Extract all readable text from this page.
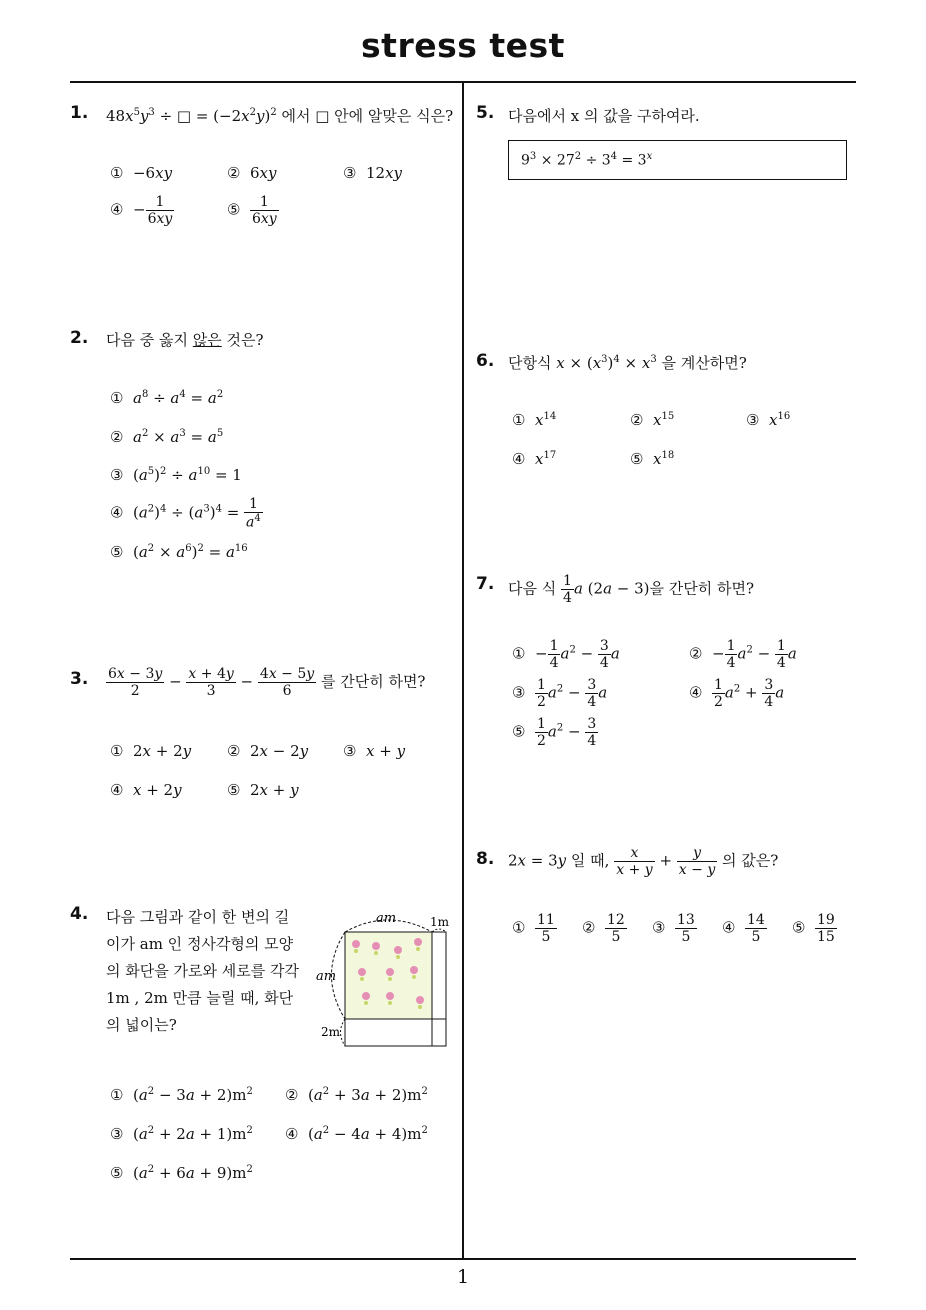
stress test
1
1. $48x^5y^3$ ÷ □ = $(-2x^2y)^2$ 에서 □ 안에 알맞은 식은?
①  −6xy	②  6xy	③  12xy
④  − $\frac{1}{6xy}$	⑤ $\frac{1}{6xy}$
2. 다음 중 옳지 않은 것은?
①  $a^8 \div a^4 = a^2$
②  $a^2 \times a^3 = a^5$
③  $(a^5)^2 \div a^{10} = 1$
④  $(a^2)^4 \div (a^3)^4 = \frac{1}{a^4}$
⑤  $(a^2 \times a^6)^2 = a^{16}$
3. $\frac{6x - 3y}{2} - \frac{x + 4y}{3} - \frac{4x - 5y}{6}$ 를 간단히 하면?
①  2x + 2y ②  2x − 2y ③  x + y
④  x + 2y	⑤  2x + y
4. 다음 그림과 같이 한 변의 길이가 am 인 정사각형의 모양의 화단을 가로와 세로를 각각 1m , 2m 만큼 늘릴 때, 화단의 넓이는?
am	1m
am
2m
①  $(a^2 - 3a + 2)m^2$ ②  $(a^2 + 3a + 2)m^2$
③  $(a^2 + 2a + 1)m^2$ ④  $(a^2 - 4a + 4)m^2$
⑤  $(a^2 + 6a + 9)m^2$
5. 다음에서 x 의 값을 구하여라.
$9^3 \times 27^2 \div 3^4 = 3^x$
6. 단항식 $x \times (x^3)^4 \times x^3$ 을 계산하면?
①  $x^{14}$	②  $x^{15}$	③  $x^{16}$
④  $x^{17}$	⑤  $x^{18}$
7. 다음 식 $\frac{1}{4}$ a (2a − 3)을 간단히 하면?
①  − $\frac{1}{4} a^2 - \frac{3}{4}$ a	②  − $\frac{1}{4} a^2 - \frac{1}{4}$ a
③ $\frac{1}{2} a^2 - \frac{3}{4}$ a	④ $\frac{1}{2} a^2 + \frac{3}{4}$ a
⑤ $\frac{1}{2} a^2 - \frac{3}{4}$
8. 2x = 3y 일 때, $\frac{x}{x + y} + \frac{y}{x - y}$ 의 값은?
① $\frac{11}{5}$ ② $\frac{12}{5}$ ③ $\frac{13}{5}$ ④ $\frac{14}{5}$ ⑤ $\frac{19}{15}$
